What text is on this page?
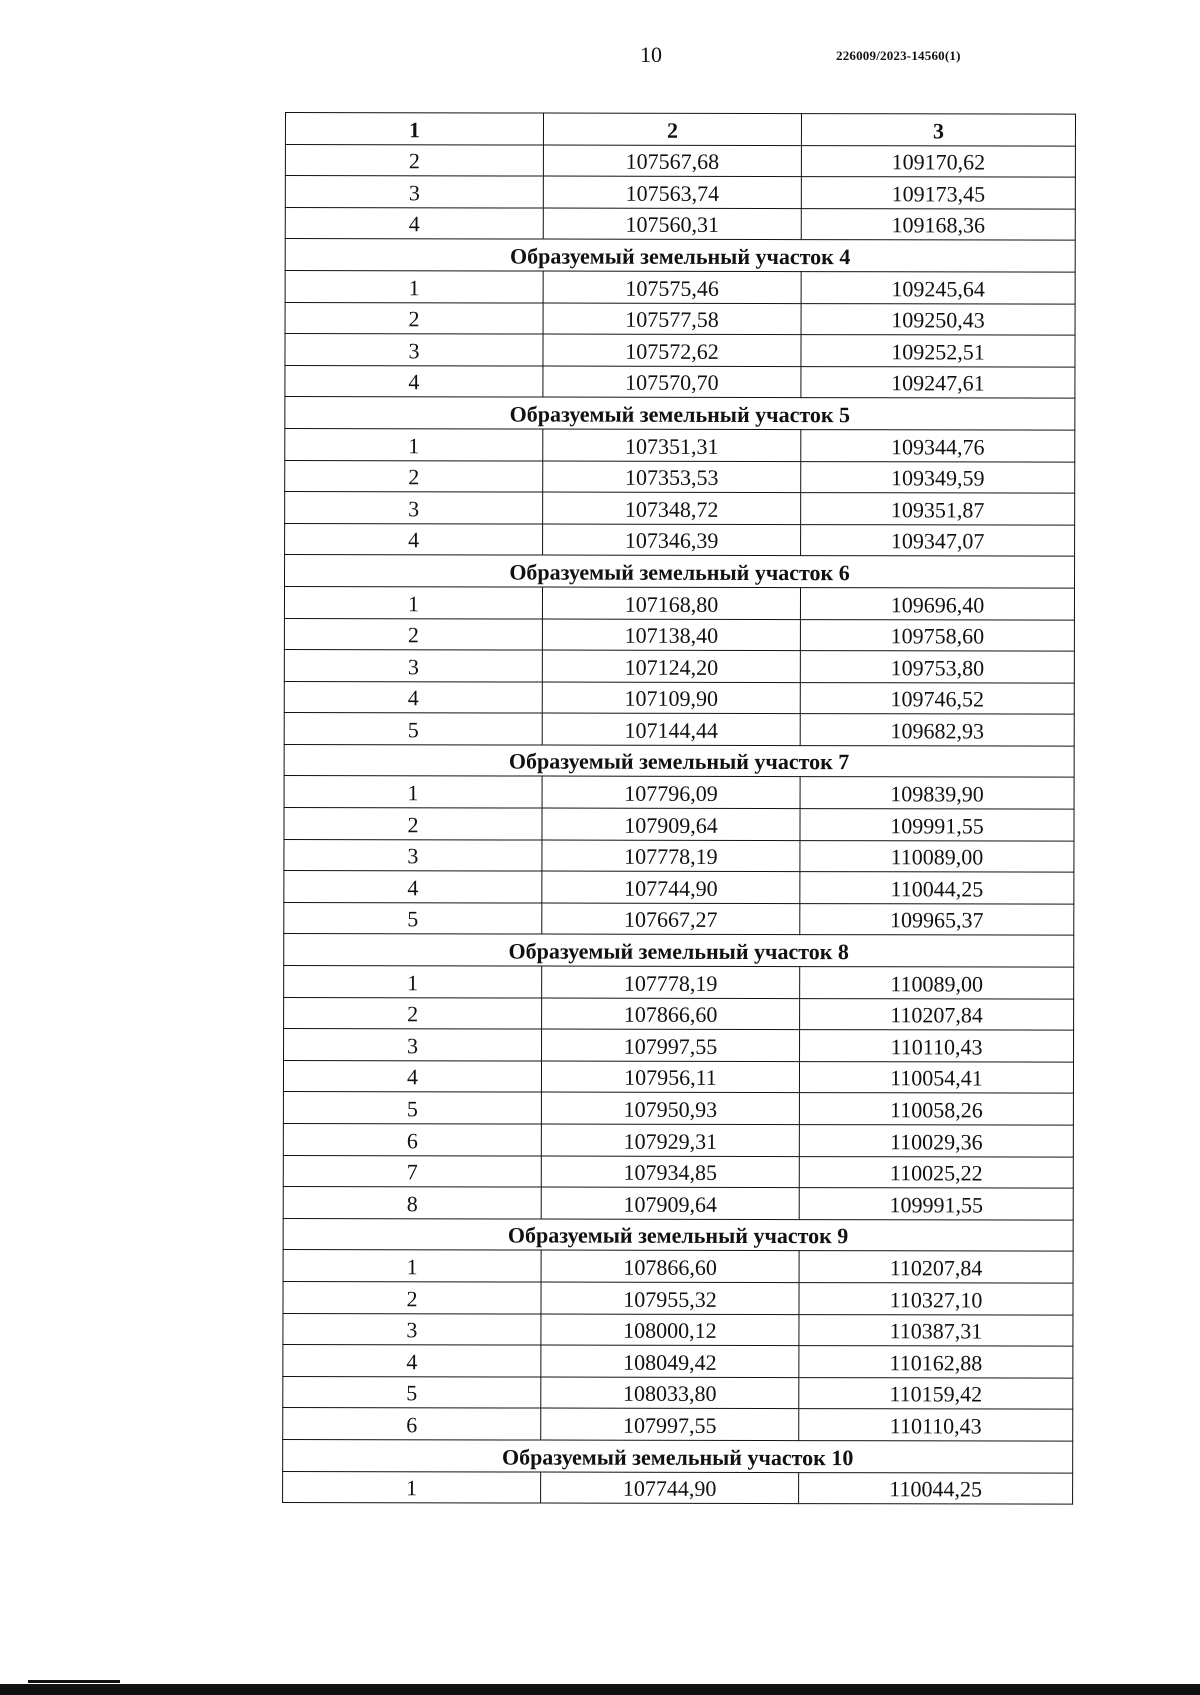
10	226009/2023-14560(1)
1	2	3
2	107567,68	109170,62
3	107563,74	109173,45
4	107560,31	109168,36
Образуемый земельный участок 4		
1	107575,46	109245,64
2	107577,58	109250,43
3	107572,62	109252,51
4	107570,70	109247,61
Образуемый земельный участок 5		
1	107351,31	109344,76
2	107353,53	109349,59
3	107348,72	109351,87
4	107346,39	109347,07
Образуемый земельный участок 6		
1	107168,80	109696,40
2	107138,40	109758,60
3	107124,20	109753,80
4	107109,90	109746,52
5	107144,44	109682,93
Образуемый земельный участок 7		
1	107796,09	109839,90
2	107909,64	109991,55
3	107778,19	110089,00
4	107744,90	110044,25
5	107667,27	109965,37
Образуемый земельный участок 8		
1	107778,19	110089,00
2	107866,60	110207,84
3	107997,55	110110,43
4	107956,11	110054,41
5	107950,93	110058,26
6	107929,31	110029,36
7	107934,85	110025,22
8	107909,64	109991,55
Образуемый земельный участок 9		
1	107866,60	110207,84
2	107955,32	110327,10
3	108000,12	110387,31
4	108049,42	110162,88
5	108033,80	110159,42
6	107997,55	110110,43
Образуемый земельный участок 10		
1	107744,90	110044,25
